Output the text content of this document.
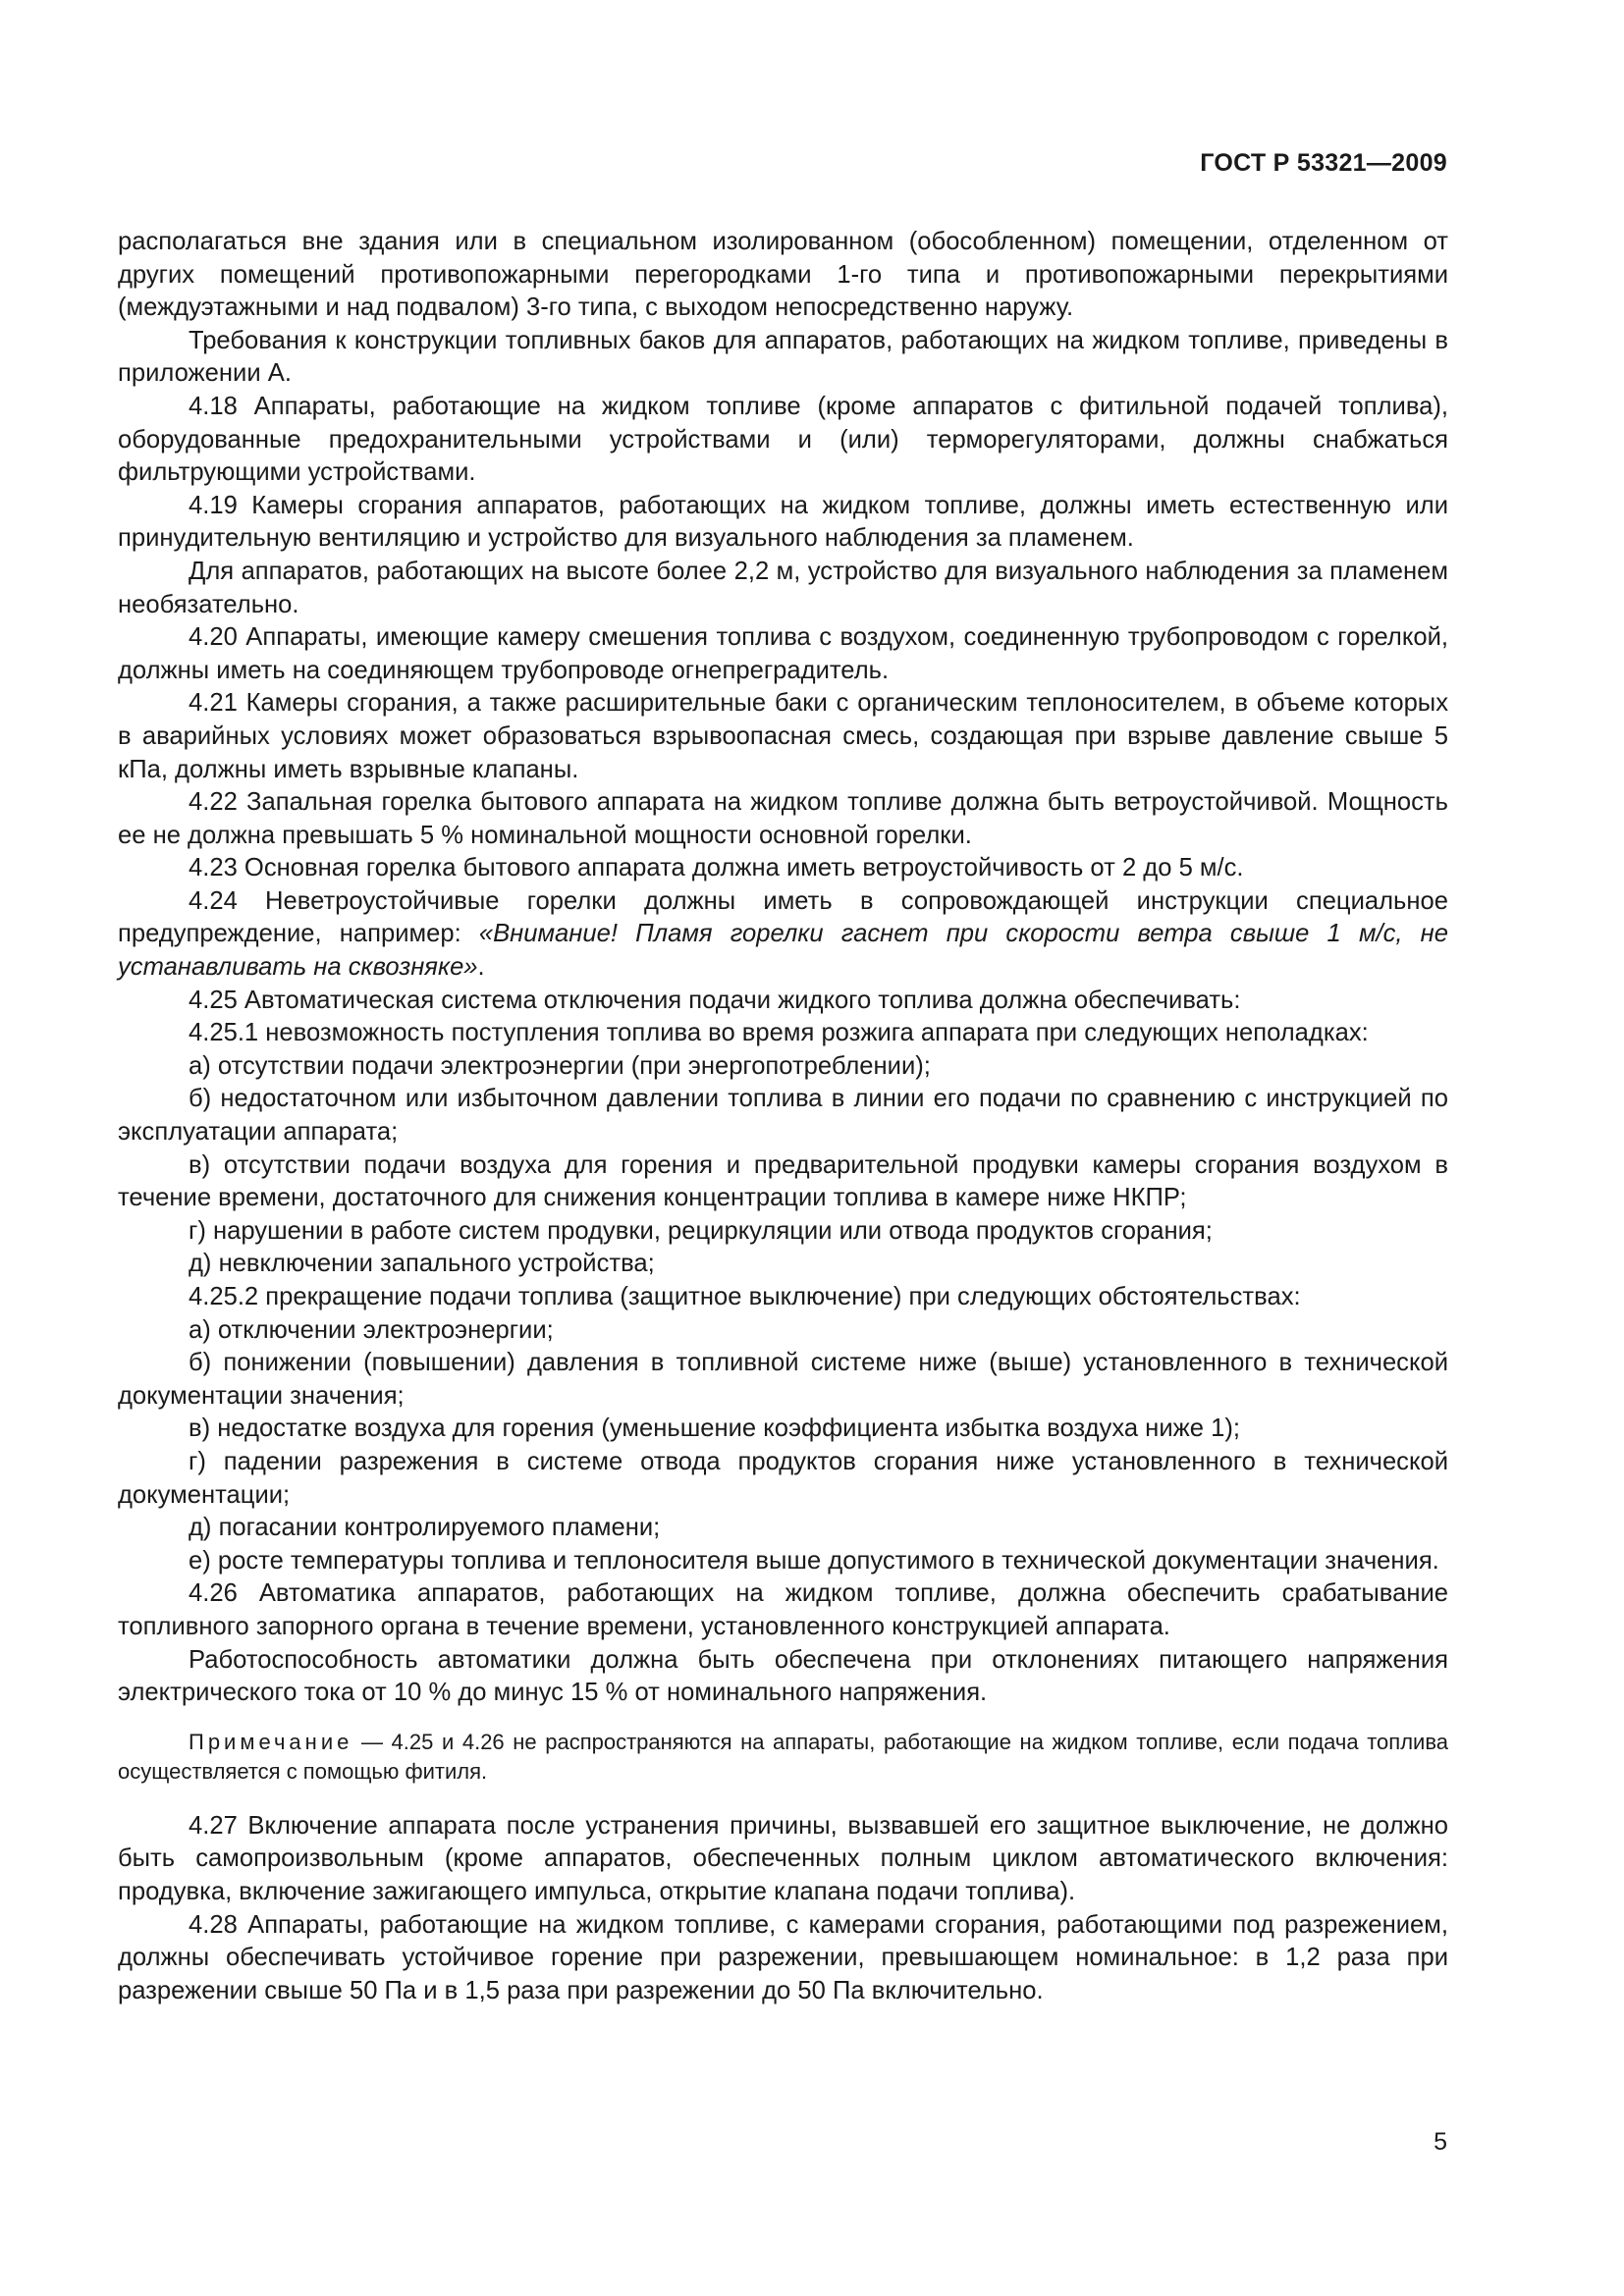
ГОСТ Р 53321—2009

располагаться вне здания или в специальном изолированном (обособленном) помещении, отделенном от других помещений противопожарными перегородками 1-го типа и противопожарными перекрытиями (междуэтажными и над подвалом) 3-го типа, с выходом непосредственно наружу.

Требования к конструкции топливных баков для аппаратов, работающих на жидком топливе, приведены в приложении А.

4.18 Аппараты, работающие на жидком топливе (кроме аппаратов с фитильной подачей топлива), оборудованные предохранительными устройствами и (или) терморегуляторами, должны снабжаться фильтрующими устройствами.

4.19 Камеры сгорания аппаратов, работающих на жидком топливе, должны иметь естественную или принудительную вентиляцию и устройство для визуального наблюдения за пламенем.

Для аппаратов, работающих на высоте более 2,2 м, устройство для визуального наблюдения за пламенем необязательно.

4.20 Аппараты, имеющие камеру смешения топлива с воздухом, соединенную трубопроводом с горелкой, должны иметь на соединяющем трубопроводе огнепреградитель.

4.21 Камеры сгорания, а также расширительные баки с органическим теплоносителем, в объеме которых в аварийных условиях может образоваться взрывоопасная смесь, создающая при взрыве давление свыше 5 кПа, должны иметь взрывные клапаны.

4.22 Запальная горелка бытового аппарата на жидком топливе должна быть ветроустойчивой. Мощность ее не должна превышать 5 % номинальной мощности основной горелки.

4.23 Основная горелка бытового аппарата должна иметь ветроустойчивость от 2 до 5 м/с.

4.24 Неветроустойчивые горелки должны иметь в сопровождающей инструкции специальное предупреждение, например: «Внимание! Пламя горелки гаснет при скорости ветра свыше 1 м/с, не устанавливать на сквозняке».

4.25 Автоматическая система отключения подачи жидкого топлива должна обеспечивать:

4.25.1 невозможность поступления топлива во время розжига аппарата при следующих неполадках:

а) отсутствии подачи электроэнергии (при энергопотреблении);

б) недостаточном или избыточном давлении топлива в линии его подачи по сравнению с инструкцией по эксплуатации аппарата;

в) отсутствии подачи воздуха для горения и предварительной продувки камеры сгорания воздухом в течение времени, достаточного для снижения концентрации топлива в камере ниже НКПР;

г) нарушении в работе систем продувки, рециркуляции или отвода продуктов сгорания;

д) невключении запального устройства;

4.25.2 прекращение подачи топлива (защитное выключение) при следующих обстоятельствах:

а) отключении электроэнергии;

б) понижении (повышении) давления в топливной системе ниже (выше) установленного в технической документации значения;

в) недостатке воздуха для горения (уменьшение коэффициента избытка воздуха ниже 1);

г) падении разрежения в системе отвода продуктов сгорания ниже установленного в технической документации;

д) погасании контролируемого пламени;

е) росте температуры топлива и теплоносителя выше допустимого в технической документации значения.

4.26 Автоматика аппаратов, работающих на жидком топливе, должна обеспечить срабатывание топливного запорного органа в течение времени, установленного конструкцией аппарата.

Работоспособность автоматики должна быть обеспечена при отклонениях питающего напряжения электрического тока от 10 % до минус 15 % от номинального напряжения.

Примечание — 4.25 и 4.26 не распространяются на аппараты, работающие на жидком топливе, если подача топлива осуществляется с помощью фитиля.

4.27 Включение аппарата после устранения причины, вызвавшей его защитное выключение, не должно быть самопроизвольным (кроме аппаратов, обеспеченных полным циклом автоматического включения: продувка, включение зажигающего импульса, открытие клапана подачи топлива).

4.28 Аппараты, работающие на жидком топливе, с камерами сгорания, работающими под разрежением, должны обеспечивать устойчивое горение при разрежении, превышающем номинальное: в 1,2 раза при разрежении свыше 50 Па и в 1,5 раза при разрежении до 50 Па включительно.

5
